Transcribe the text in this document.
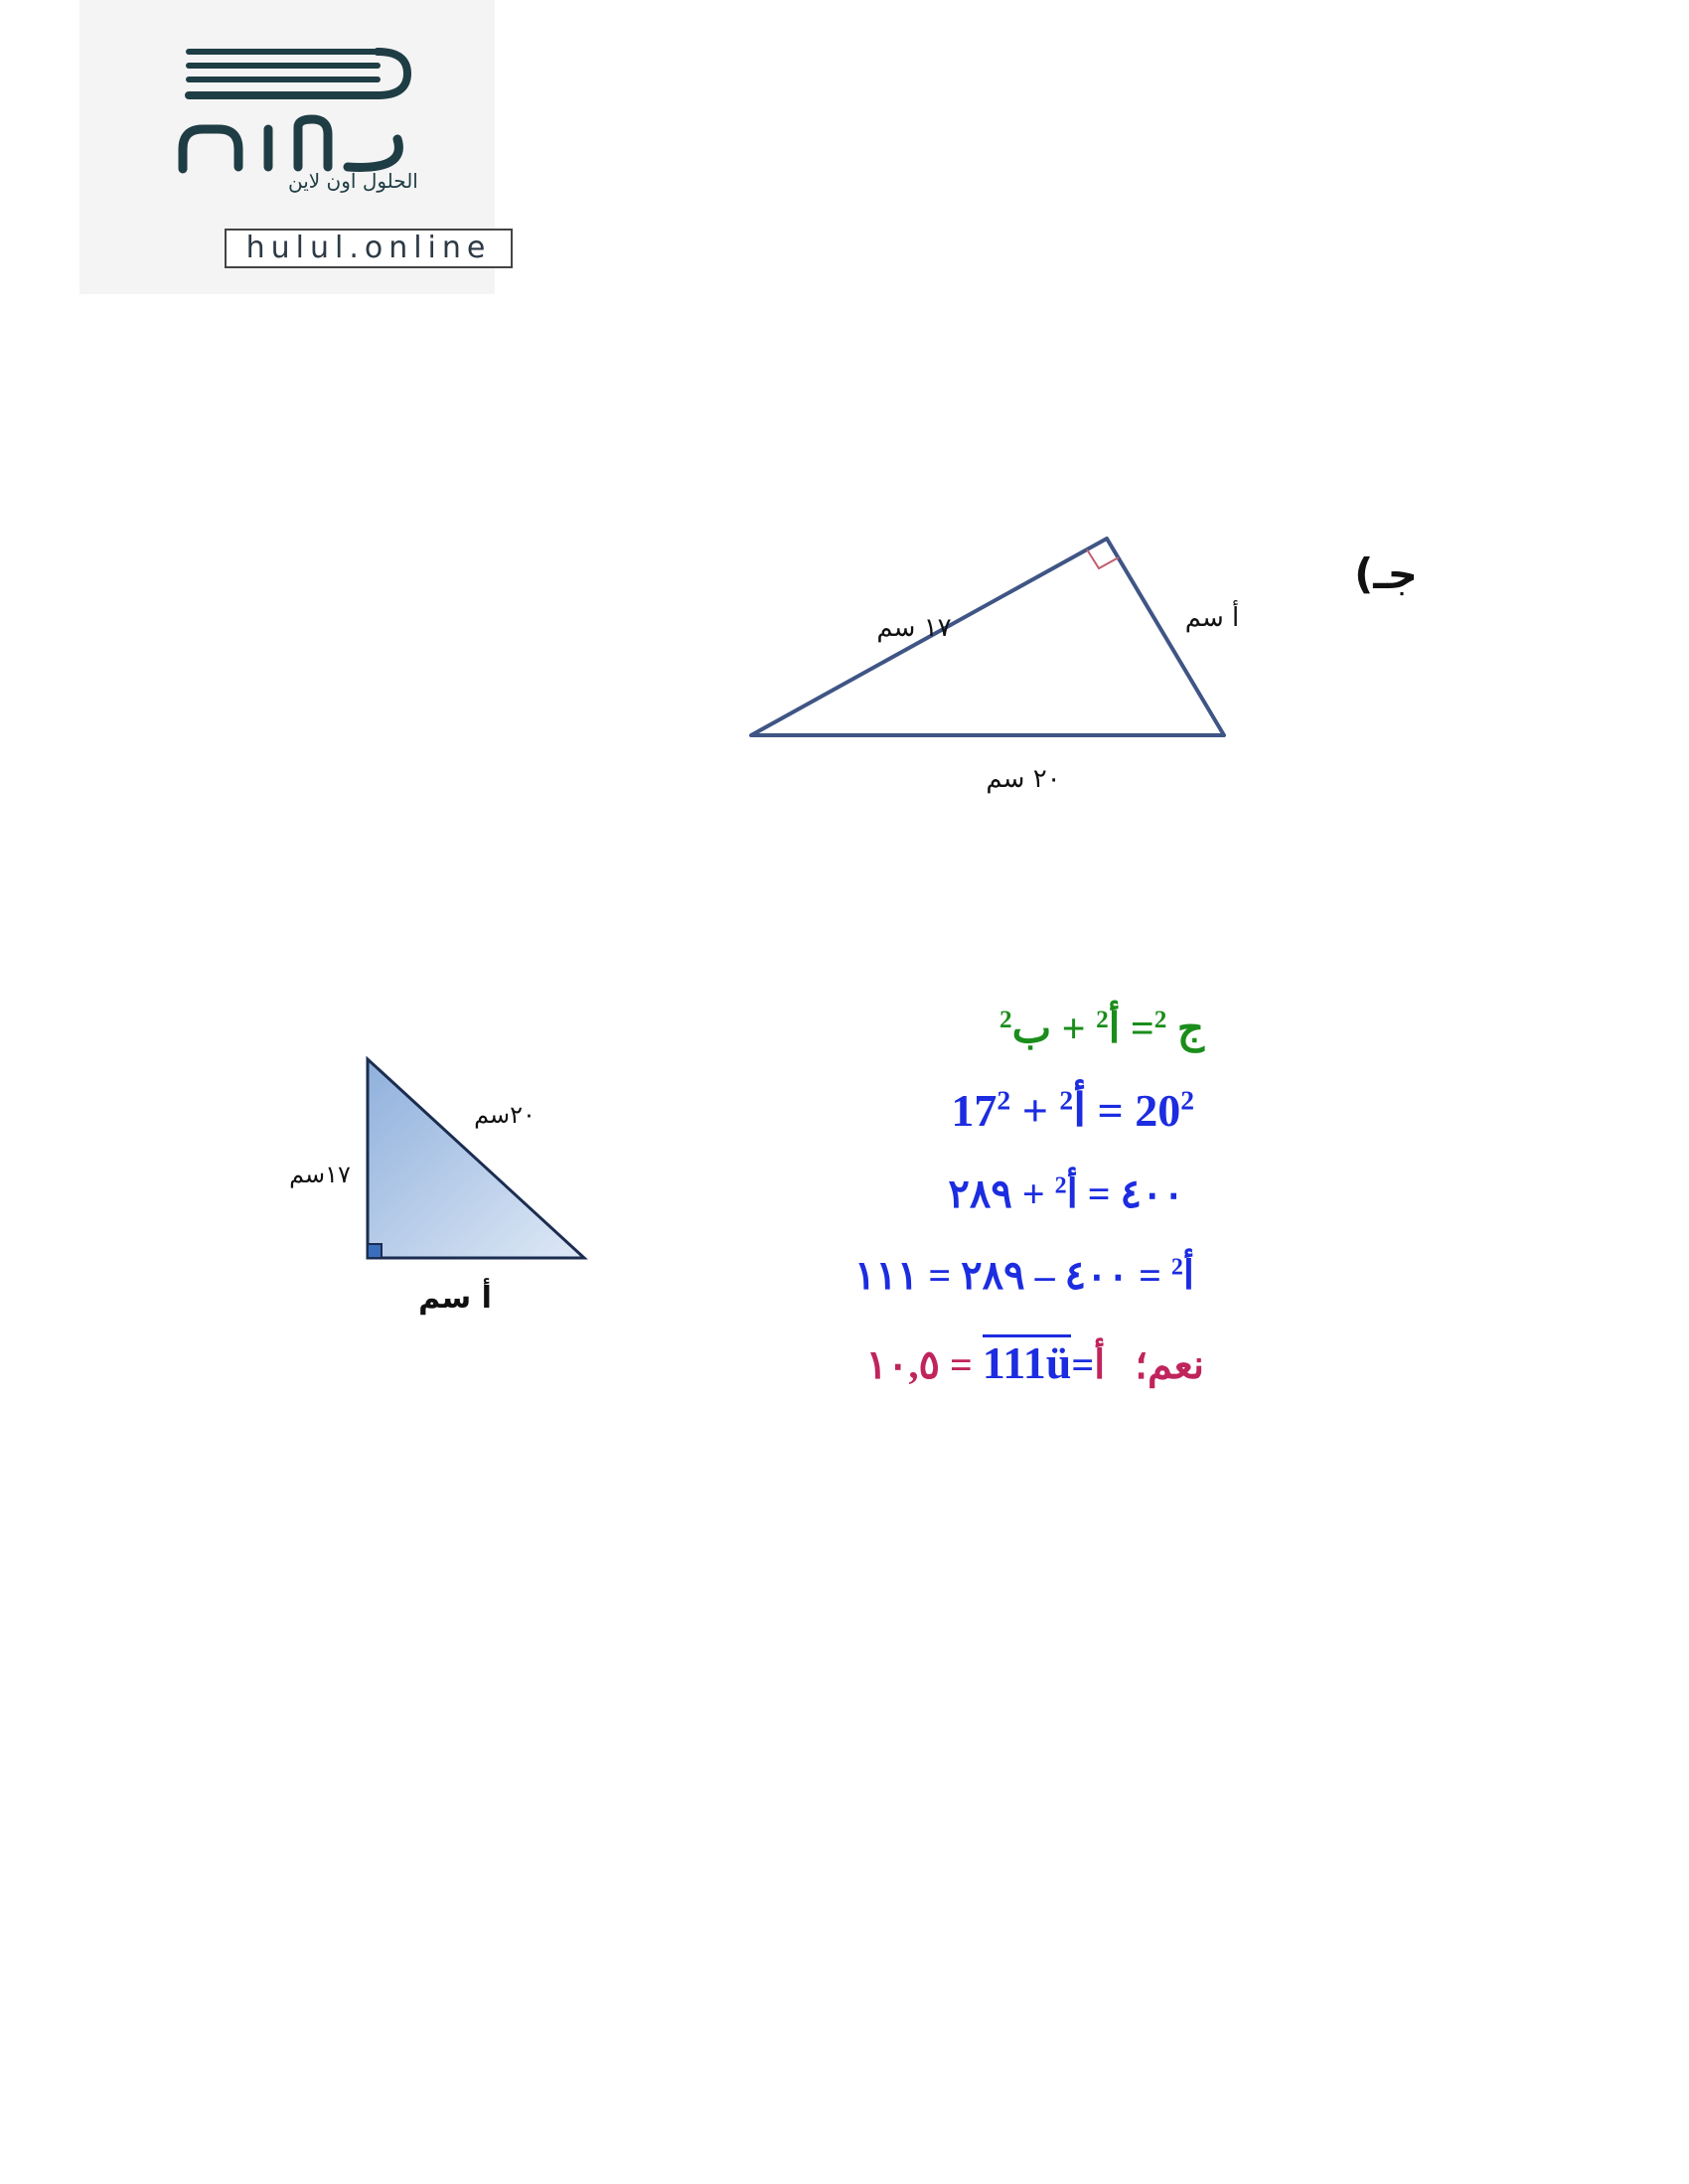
الحلول اون لاين
hulul.online
١٧ سم	أ سم
٢٠ سم
جـ)
٢٠سم
١٧سم
أ سم
ج $^2$= أ$^2$ + ب$^2$
$20^2$ = أ$^2$ + $17^2$
٤٠٠ = أ$^2$ + ٢٨٩
أ$^2$ = ٤٠٠ – ٢٨٩ = ١١١
نعم؛   أ=111ü = ١٠,٥
